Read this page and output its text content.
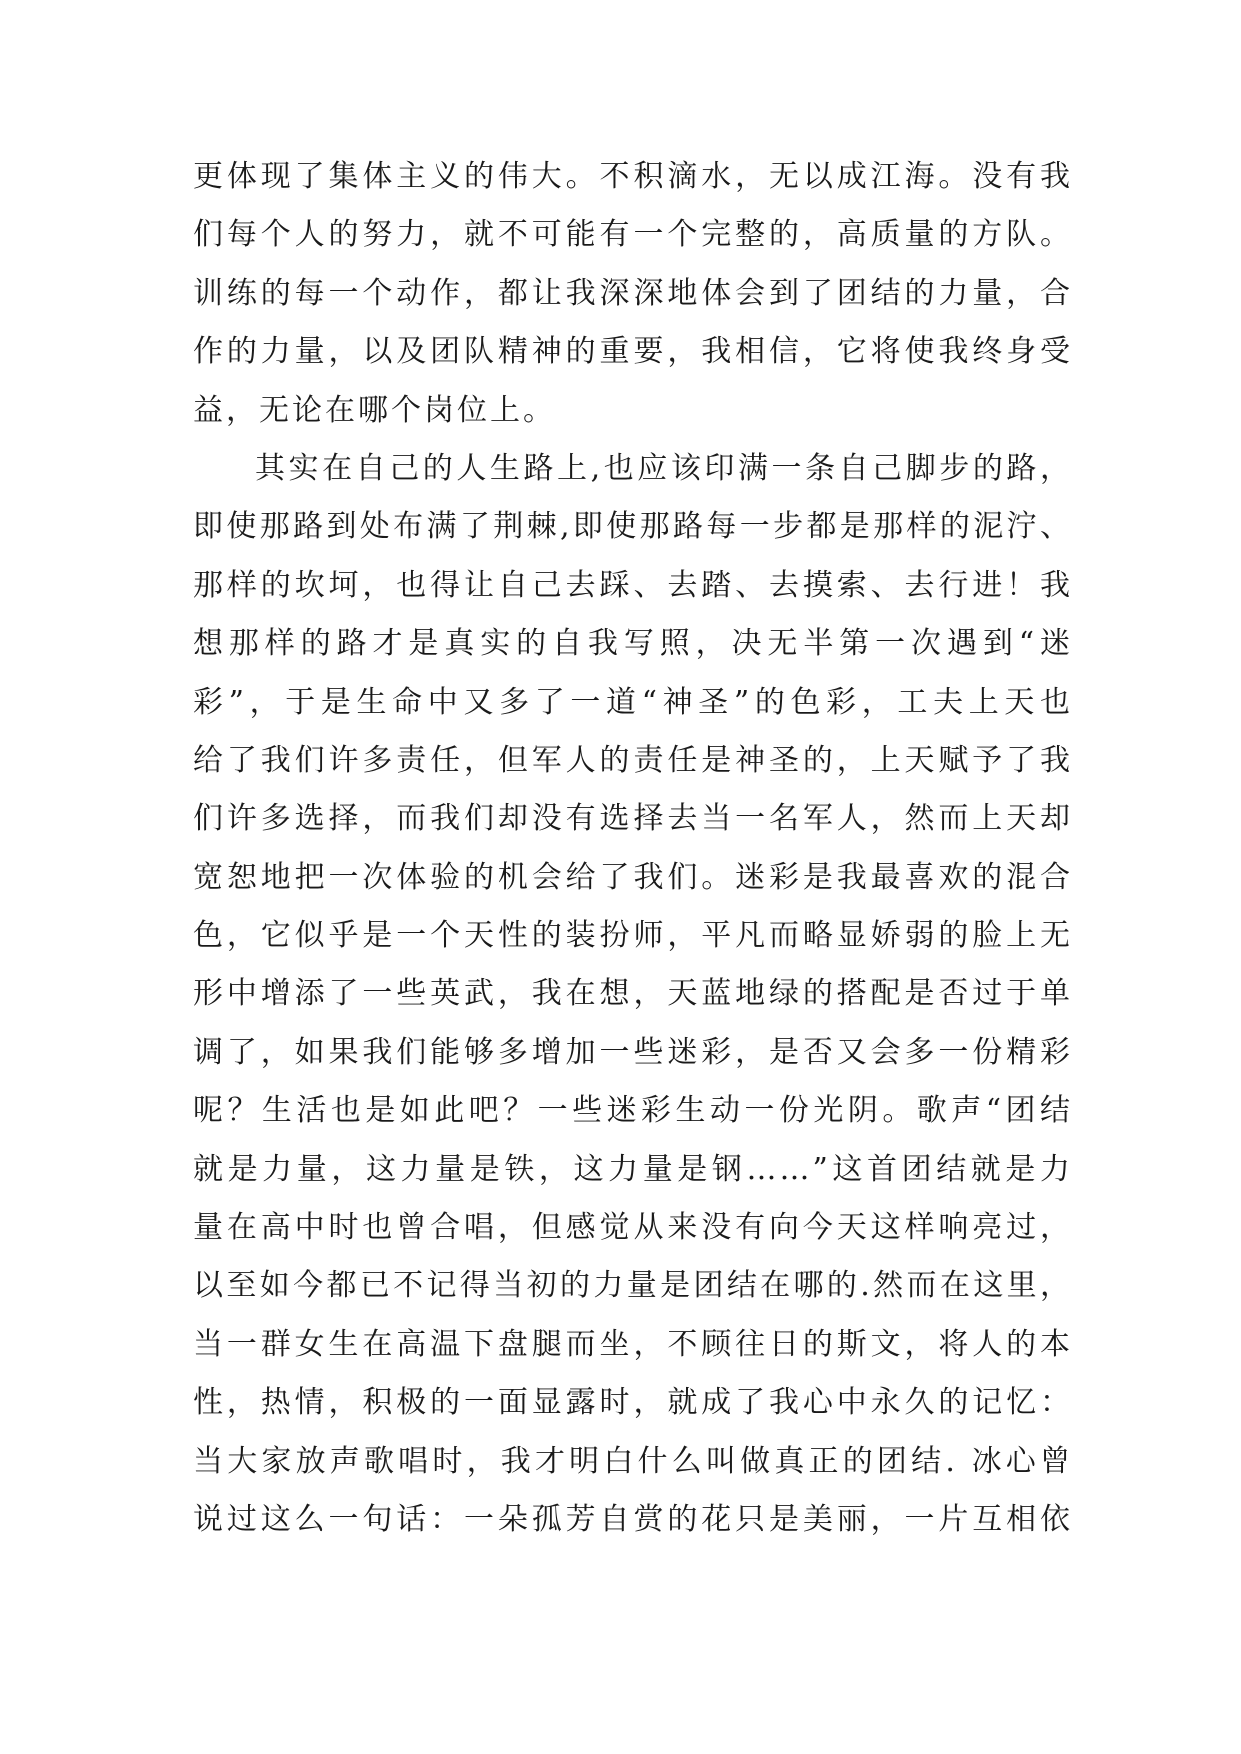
更体现了集体主义的伟大。不积滴水，无以成江海。没有我
们每个人的努力，就不可能有一个完整的，高质量的方队。
训练的每一个动作，都让我深深地体会到了团结的力量，合
作的力量，以及团队精神的重要，我相信，它将使我终身受
益，无论在哪个岗位上。
其实在自己的人生路上,也应该印满一条自己脚步的路，
即使那路到处布满了荆棘,即使那路每一步都是那样的泥泞、
那样的坎坷，也得让自己去踩、去踏、去摸索、去行进！我
想那样的路才是真实的自我写照，决无半第一次遇到“迷
彩”，于是生命中又多了一道“神圣”的色彩，工夫上天也
给了我们许多责任，但军人的责任是神圣的，上天赋予了我
们许多选择，而我们却没有选择去当一名军人，然而上天却
宽恕地把一次体验的机会给了我们。迷彩是我最喜欢的混合
色，它似乎是一个天性的装扮师，平凡而略显娇弱的脸上无
形中增添了一些英武，我在想，天蓝地绿的搭配是否过于单
调了，如果我们能够多增加一些迷彩，是否又会多一份精彩
呢？生活也是如此吧？一些迷彩生动一份光阴。歌声“团结
就是力量，这力量是铁，这力量是钢……”这首团结就是力
量在高中时也曾合唱，但感觉从来没有向今天这样响亮过，
以至如今都已不记得当初的力量是团结在哪的.然而在这里，
当一群女生在高温下盘腿而坐，不顾往日的斯文，将人的本
性，热情，积极的一面显露时，就成了我心中永久的记忆：
当大家放声歌唱时，我才明白什么叫做真正的团结. 冰心曾
说过这么一句话：一朵孤芳自赏的花只是美丽，一片互相依
